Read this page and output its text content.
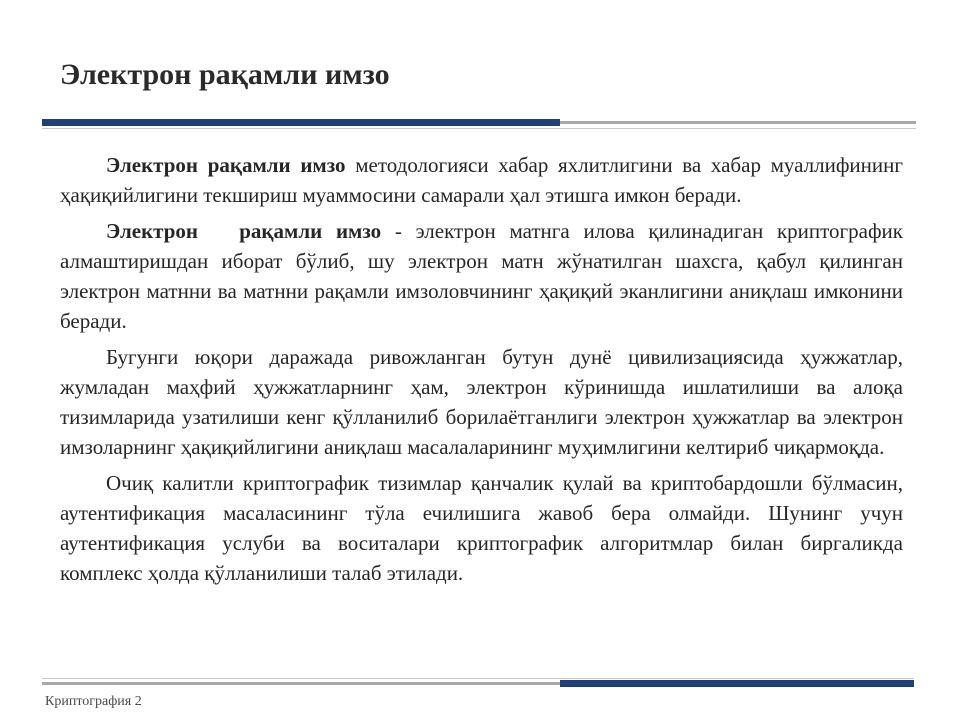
Электрон рақамли имзо

Электрон рақамли имзо методологияси хабар яхлитлигини ва хабар муаллифининг ҳақиқийлигини текшириш муаммосини самарали ҳал этишга имкон беради.

Электрон   рақамли имзо - электрон матнга илова қилинадиган криптографик алмаштиришдан иборат бўлиб, шу электрон матн жўнатилган шахсга, қабул қилинган электрон матнни ва матнни рақамли имзоловчининг ҳақиқий эканлигини аниқлаш имконини беради.

Бугунги юқори даражада ривожланган бутун дунё цивилизациясида ҳужжатлар, жумладан маҳфий ҳужжатларнинг ҳам, электрон кўринишда ишлатилиши ва алоқа тизимларида узатилиши кенг қўлланилиб борилаётганлиги электрон ҳужжатлар ва электрон имзоларнинг ҳақиқийлигини аниқлаш масалаларининг муҳимлигини келтириб чиқармоқда.

Очиқ калитли криптографик тизимлар қанчалик қулай ва криптобардошли бўлмасин, аутентификация масаласининг тўла ечилишига жавоб бера олмайди. Шунинг учун аутентификация услуби ва воситалари криптографик алгоритмлар билан биргаликда комплекс ҳолда қўлланилиши талаб этилади.

Криптография 2
